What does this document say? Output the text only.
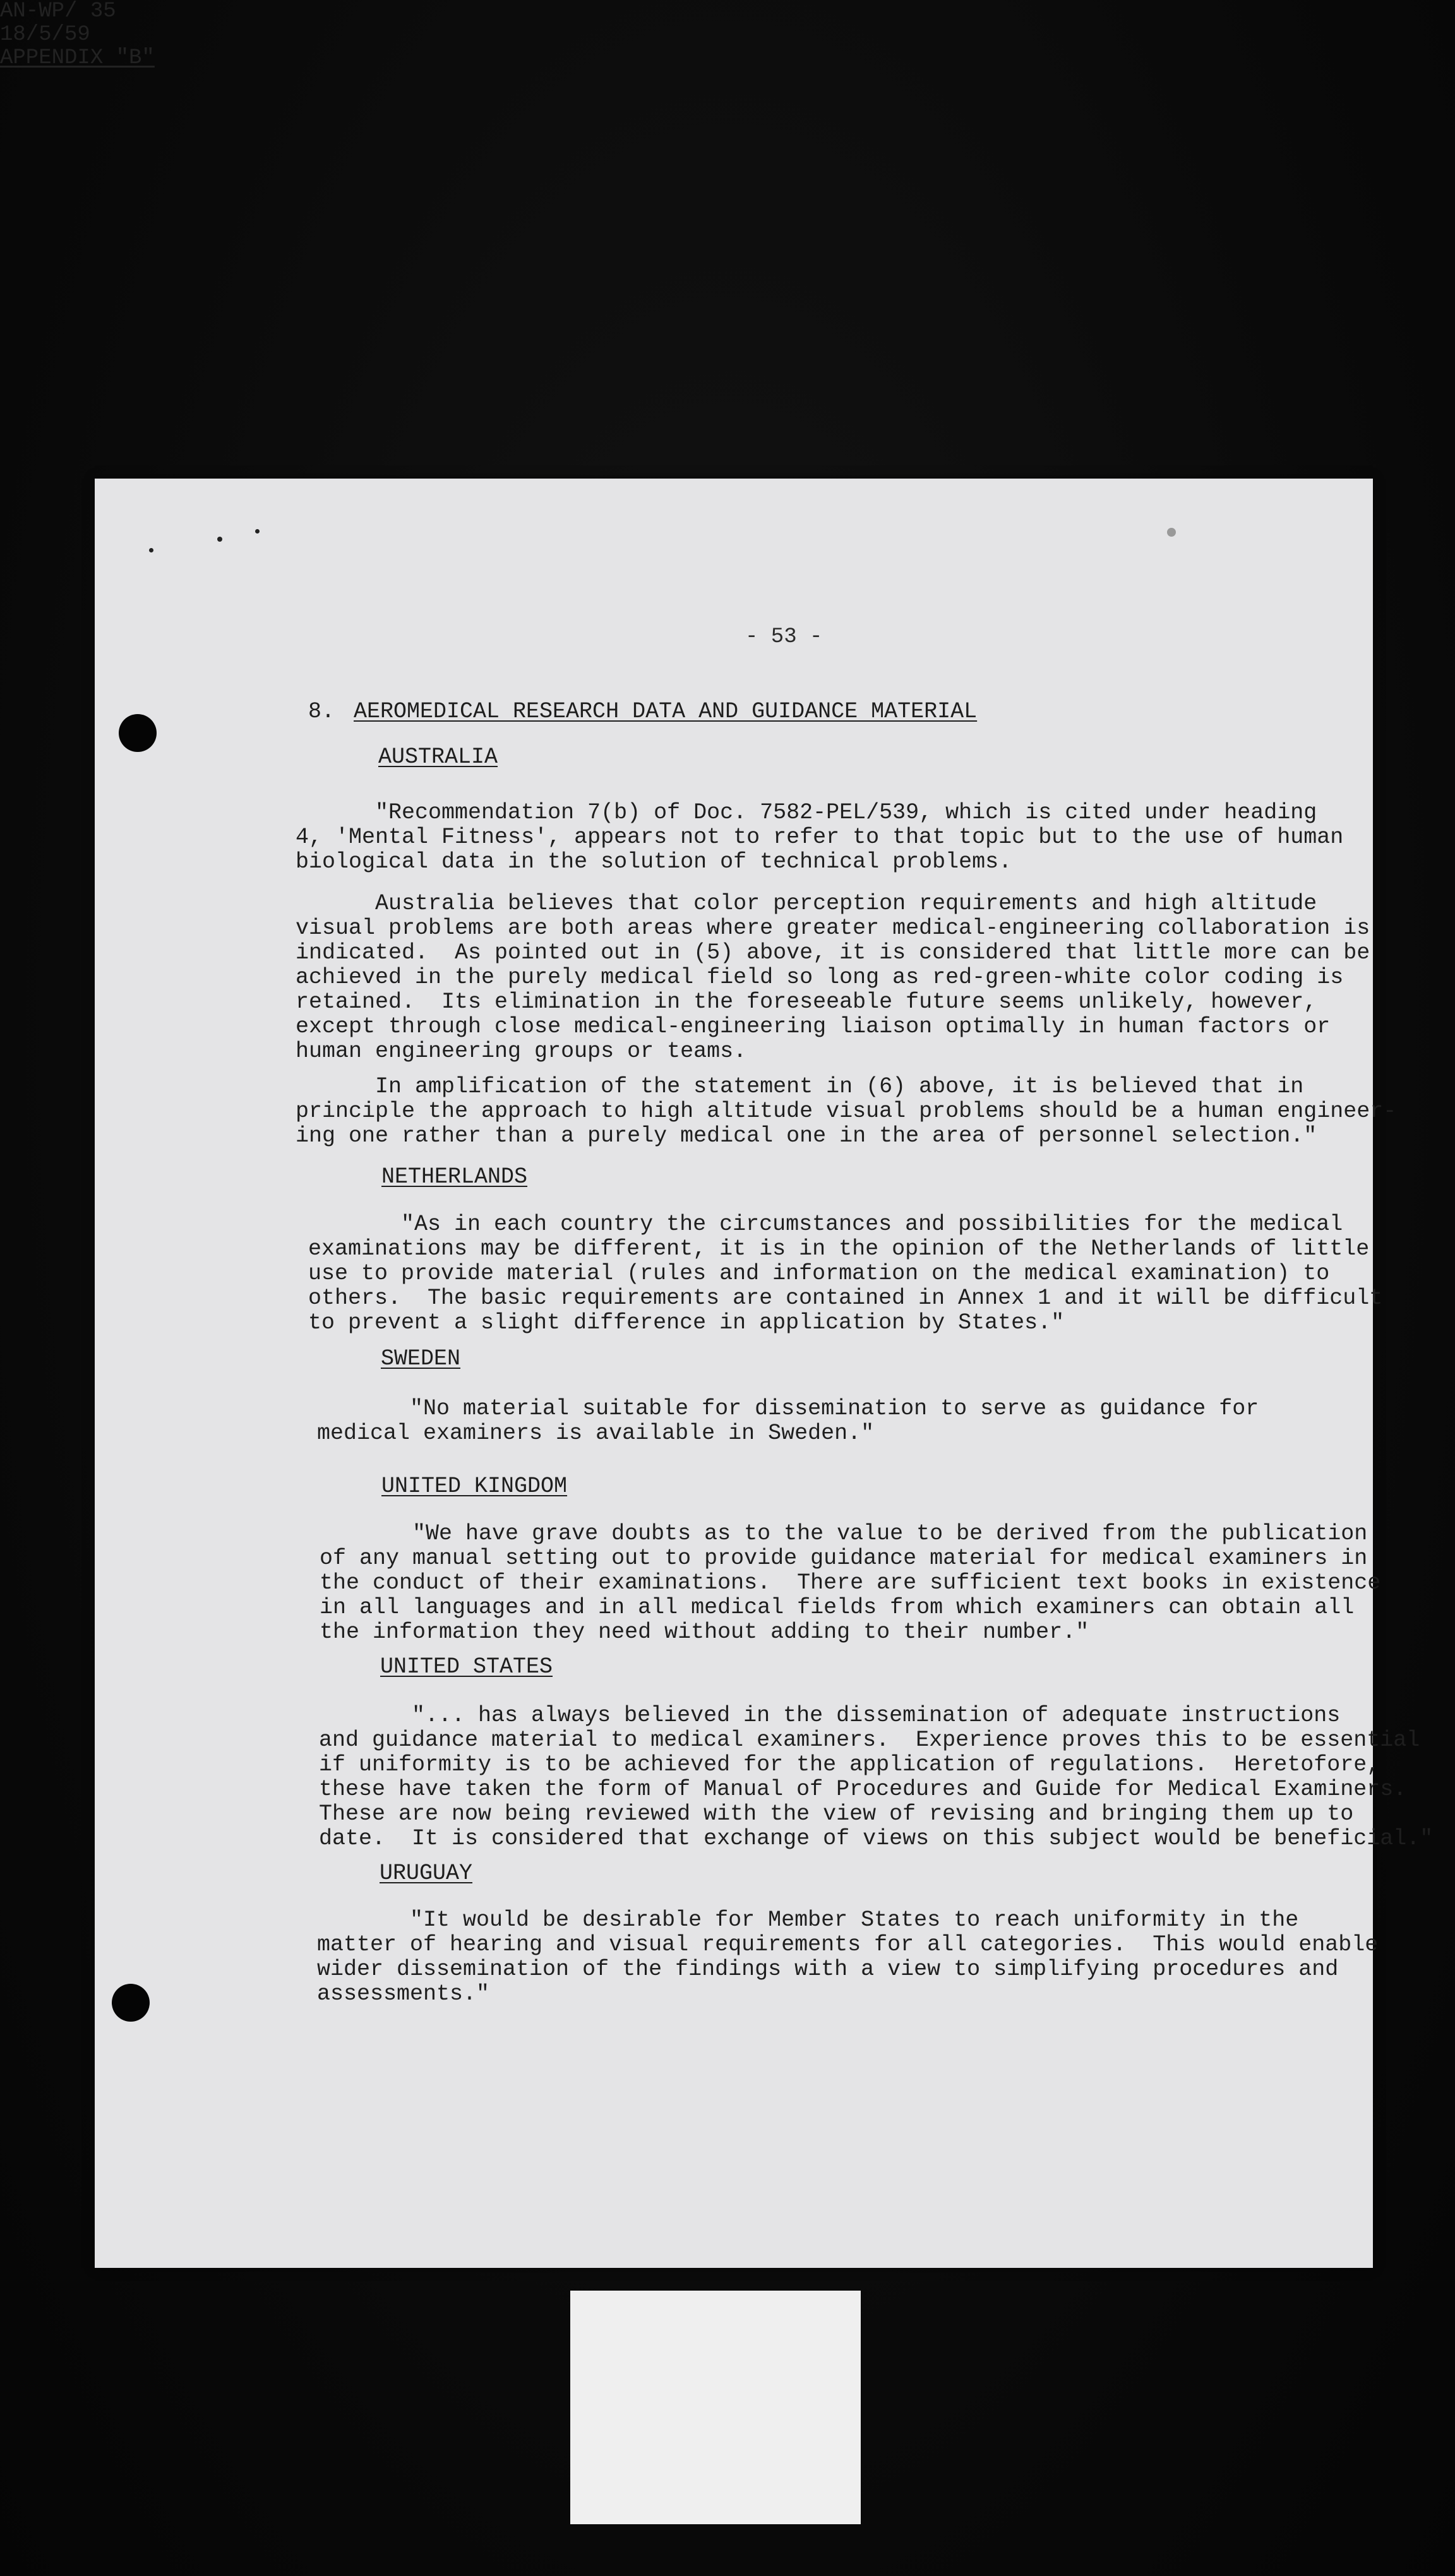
- 53 -
AN-WP/ 35
18/5/59
APPENDIX "B"
8. AEROMEDICAL RESEARCH DATA AND GUIDANCE MATERIAL
AUSTRALIA
"Recommendation 7(b) of Doc. 7582-PEL/539, which is cited under heading
4, 'Mental Fitness', appears not to refer to that topic but to the use of human
biological data in the solution of technical problems.
Australia believes that color perception requirements and high altitude
visual problems are both areas where greater medical-engineering collaboration is
indicated.  As pointed out in (5) above, it is considered that little more can be
achieved in the purely medical field so long as red-green-white color coding is
retained.  Its elimination in the foreseeable future seems unlikely, however,
except through close medical-engineering liaison optimally in human factors or
human engineering groups or teams.
In amplification of the statement in (6) above, it is believed that in
principle the approach to high altitude visual problems should be a human engineer-
ing one rather than a purely medical one in the area of personnel selection."
NETHERLANDS
"As in each country the circumstances and possibilities for the medical
examinations may be different, it is in the opinion of the Netherlands of little
use to provide material (rules and information on the medical examination) to
others.  The basic requirements are contained in Annex 1 and it will be difficult
to prevent a slight difference in application by States."
SWEDEN
"No material suitable for dissemination to serve as guidance for
medical examiners is available in Sweden."
UNITED KINGDOM
"We have grave doubts as to the value to be derived from the publication
of any manual setting out to provide guidance material for medical examiners in
the conduct of their examinations.  There are sufficient text books in existence
in all languages and in all medical fields from which examiners can obtain all
the information they need without adding to their number."
UNITED STATES
"... has always believed in the dissemination of adequate instructions
and guidance material to medical examiners.  Experience proves this to be essential
if uniformity is to be achieved for the application of regulations.  Heretofore,
these have taken the form of Manual of Procedures and Guide for Medical Examiners.
These are now being reviewed with the view of revising and bringing them up to
date.  It is considered that exchange of views on this subject would be beneficial."
URUGUAY
"It would be desirable for Member States to reach uniformity in the
matter of hearing and visual requirements for all categories.  This would enable
wider dissemination of the findings with a view to simplifying procedures and
assessments."
